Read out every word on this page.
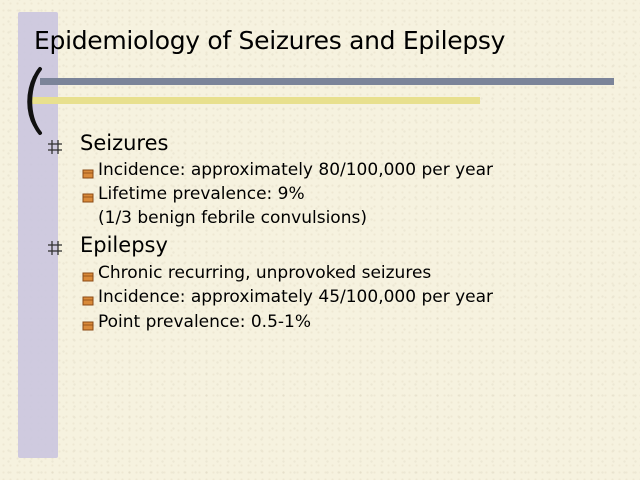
Epidemiology of Seizures and Epilepsy
Seizures
Incidence: approximately 80/100,000 per year
Lifetime prevalence: 9%
(1/3 benign febrile convulsions)
Epilepsy
Chronic recurring, unprovoked seizures
Incidence: approximately 45/100,000 per year
Point prevalence: 0.5-1%
